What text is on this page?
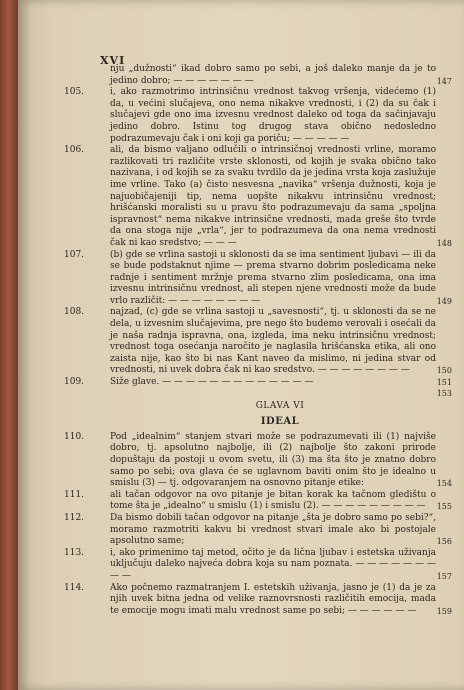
XVI

nju „dužnosti“ ikad dobro samo po sebi, a još daleko manje da je to jedino dobro; — — — — — — —	147

105.	i, ako razmotrimo intrinsičnu vrednost takvog vršenja, videćemo (1) da, u većini slučajeva, ono nema nikakve vrednosti, i (2) da su čak i slučajevi gde ono ima izvesnu vrednost daleko od toga da sačinjavaju jedino dobro. Istinu tog drugog stava obično nedosledno podrazumevaju čak i oni koji ga poriču; — — — — —

106.	ali, da bismo valjano odlučili o intrinsičnoj vrednosti vrline, moramo razlikovati tri različite vrste sklonosti, od kojih je svaka obično tako nazivana, i od kojih se za svaku tvrdilo da je jedina vrsta koja zaslužuje ime vrline. Tako (a) čisto nesvesna „navika“ vršenja dužnosti, koja je najuobičajeniji tip, nema uopšte nikakvu intrinsičnu vrednost; hrišćanski moralisti su u pravu što podrazumevaju da sama „spoljna ispravnost“ nema nikakve intrinsične vrednosti, mada greše što tvrde da ona stoga nije „vrla“, jer to podrazumeva da ona nema vrednosti čak ni kao sredstvo; — — —	148

107.	(b) gde se vrlina sastoji u sklonosti da se ima sentiment ljubavi — ili da se bude podstaknut njime — prema stvarno dobrim posledicama neke radnje i sentiment mržnje prema stvarno zlim posledicama, ona ima izvesnu intrinsičnu vrednost, ali stepen njene vrednosti može da bude vrlo različit: — — — — — — — —	149

108.	najzad, (c) gde se vrlina sastoji u „savesnosti“, tj. u sklonosti da se ne dela, u izvesnim slučajevima, pre nego što budemo verovali i osećali da je naša radnja ispravna, ona, izgleda, ima neku intrinsičnu vrednost; vrednost toga osećanja naročito je naglasila hrišćanska etika, ali ono zaista nije, kao što bi nas Kant naveo da mislimo, ni jedina stvar od vrednosti, ni uvek dobra čak ni kao sredstvo. — — — — — — — —	150

109.	Siže glave. — — — — — — — — — — — — —	151

153

GLAVA VI
IDEAL

110.	Pod „idealnim“ stanjem stvari može se podrazumevati ili (1) najviše dobro, tj. apsolutno najbolje, ili (2) najbolje što zakoni prirode dopuštaju da postoji u ovom svetu, ili (3) ma šta što je znatno dobro samo po sebi; ova glava će se uglavnom baviti onim što je idealno u smislu (3) — tj. odgovaranjem na osnovno pitanje etike:	154

111.	ali tačan odgovor na ovo pitanje je bitan korak ka tačnom gledištu o tome šta je „idealno“ u smislu (1) i smislu (2). — — — — — — — — —	155

112.	Da bismo dobili tačan odgovor na pitanje „šta je dobro samo po sebi?“, moramo razmotriti kakvu bi vrednost stvari imale ako bi postojale apsolutno same;	156

113.	i, ako primenimo taj metod, očito je da lična ljubav i estetska uživanja uključuju daleko najveća dobra koja su nam poznata. — — — — — — — — —	157

114.	Ako počnemo razmatranjem I. estetskih uživanja, jasno je (1) da je za njih uvek bitna jedna od velike raznovrsnosti različitih emocija, mada te emocije mogu imati malu vrednost same po sebi; — — — — — —	159
